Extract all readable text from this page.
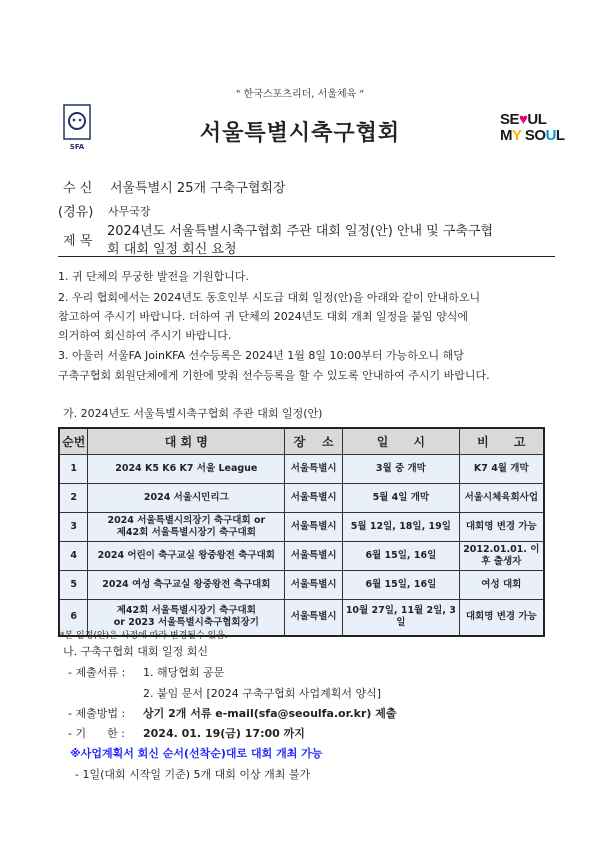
" 한국스포츠리더, 서울체육 "
SFA
서울특별시축구협회
SE♥UL
MY SOUL
수 신 서울특별시 25개 구축구협회장
(경유) 사무국장
제 목
2024년도 서울특별시축구협회 주관 대회 일정(안) 안내 및 구축구협
회 대회 일정 회신 요청
1. 귀 단체의 무궁한 발전을 기원합니다.
2. 우리 협회에서는 2024년도 동호인부 시도급 대회 일정(안)을 아래와 같이 안내하오니
참고하여 주시기 바랍니다. 더하여 귀 단체의 2024년도 대회 개최 일정을 붙임 양식에
의거하여 회신하여 주시기 바랍니다.
3. 아울러 서울FA JoinKFA 선수등록은 2024년 1월 8일 10:00부터 가능하오니 해당
구축구협회 회원단체에게 기한에 맞춰 선수등록을 할 수 있도록 안내하여 주시기 바랍니다.
가. 2024년도 서울특별시축구협회 주관 대회 일정(안)
순번	대 회 명	장    소	일      시	비      고
1	2024 K5 K6 K7 서울 League	서울특별시	3월 중 개막	K7 4월 개막
2	2024 서울시민리그	서울특별시	5월 4일 개막	서울시체육회사업
3	2024 서울특별시의장기 축구대회 or
제42회 서울특별시장기 축구대회	서울특별시	5월 12일, 18일, 19일	대회명 변경 가능
4	2024 어린이 축구교실 왕중왕전 축구대회	서울특별시	6월 15일, 16일	2012.01.01. 이후 출생자
5	2024 여성 축구교실 왕중왕전 축구대회	서울특별시	6월 15일, 16일	여성 대회
6	제42회 서울특별시장기 축구대회
or 2023 서울특별시축구협회장기	서울특별시	10월 27일, 11월 2일, 3일	대회명 변경 가능
*본 일정(안)은 사정에 따라 변경될수 있음.
나. 구축구협회 대회 일정 회신
- 제출서류 : 1. 해당협회 공문
2. 붙임 문서 [2024 구축구협회 사업계획서 양식]
- 제출방법 : 상기 2개 서류 e-mail(sfa@seoulfa.or.kr) 제출
- 기      한 : 2024. 01. 19(금) 17:00 까지
※사업계획서 회신 순서(선착순)대로 대회 개최 가능
- 1일(대회 시작일 기준) 5개 대회 이상 개최 불가
